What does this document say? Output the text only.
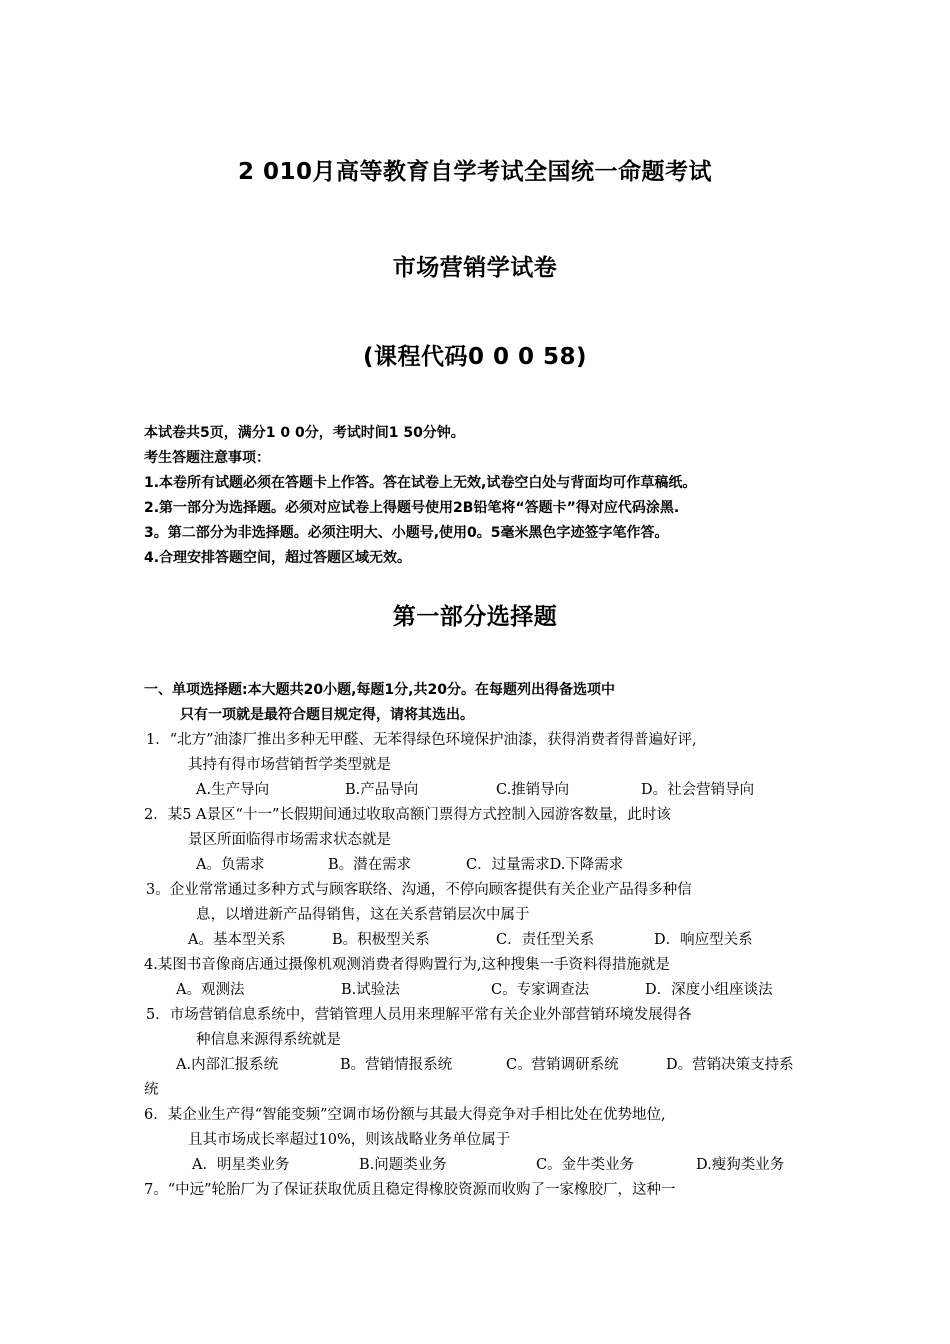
2 010月高等教育自学考试全国统一命题考试
市场营销学试卷
(课程代码0 0 0 58)
本试卷共5页，满分1 0 0分，考试时间1 50分钟。
考生答题注意事项：
1.本卷所有试题必须在答题卡上作答。答在试卷上无效,试卷空白处与背面均可作草稿纸。
2.第一部分为选择题。必须对应试卷上得题号使用2B铅笔将“答题卡”得对应代码涂黑.
3。第二部分为非选择题。必须注明大、小题号,使用0。5毫米黑色字迹签字笔作答。
4.合理安排答题空间，超过答题区域无效。
第一部分选择题
一、单项选择题:本大题共20小题,每题1分,共20分。在每题列出得备选项中
只有一项就是最符合题目规定得，请将其选出。
1．“北方”油漆厂推出多种无甲醛、无苯得绿色环境保护油漆，获得消费者得普遍好评,
其持有得市场营销哲学类型就是
A.生产导向	B.产品导向	C.推销导向	D。社会营销导向
2．某5 A景区“十一”长假期间通过收取高额门票得方式控制入园游客数量，此时该
景区所面临得市场需求状态就是
A。负需求	B。潜在需求	C．过量需求D.下降需求
3。企业常常通过多种方式与顾客联络、沟通，不停向顾客提供有关企业产品得多种信
息，以增进新产品得销售，这在关系营销层次中属于
A。基本型关系	B。积极型关系	C．责任型关系	D．响应型关系
4.某图书音像商店通过摄像机观测消费者得购置行为,这种搜集一手资料得措施就是
A。观测法	B.试验法	C。专家调查法	D．深度小组座谈法
5．市场营销信息系统中，营销管理人员用来理解平常有关企业外部营销环境发展得各
种信息来源得系统就是
A.内部汇报系统	B。营销情报系统	C。营销调研系统	D。营销决策支持系
统
6．某企业生产得“智能变频”空调市场份额与其最大得竞争对手相比处在优势地位,
且其市场成长率超过10%，则该战略业务单位属于
A．明星类业务	B.问题类业务	C。金牛类业务	D.瘦狗类业务
7。“中远”轮胎厂为了保证获取优质且稳定得橡胶资源而收购了一家橡胶厂，这种一
